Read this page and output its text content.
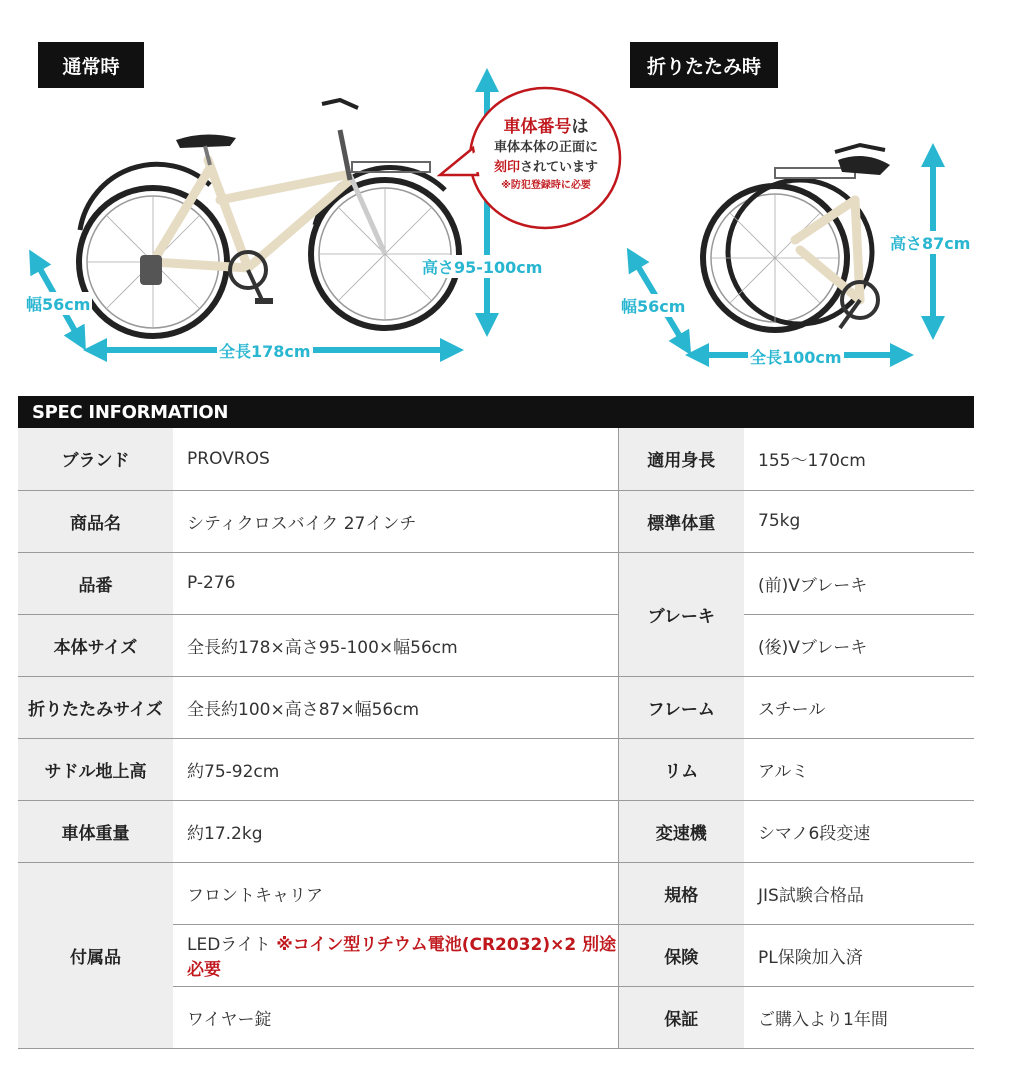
通常時	折りたたみ時
車体番号は
車体本体の正面に
刻印されています
※防犯登録時に必要
幅56cm
全長178cm
高さ95-100cm
幅56cm
全長100cm
高さ87cm
SPEC INFORMATION
ブランド	PROVROS	適用身長	155〜170cm
商品名	シティクロスバイク 27インチ	標準体重	75kg
品番	P-276	ブレーキ	(前)Vブレーキ
本体サイズ	全長約178×高さ95-100×幅56cm		(後)Vブレーキ
折りたたみサイズ	全長約100×高さ87×幅56cm	フレーム	スチール
サドル地上高	約75-92cm	リム	アルミ
車体重量	約17.2kg	変速機	シマノ6段変速
付属品	フロントキャリア	規格	JIS試験合格品
	LEDライト ※コイン型リチウム電池(CR2032)×2 別途必要	保険	PL保険加入済
	ワイヤー錠	保証	ご購入より1年間
